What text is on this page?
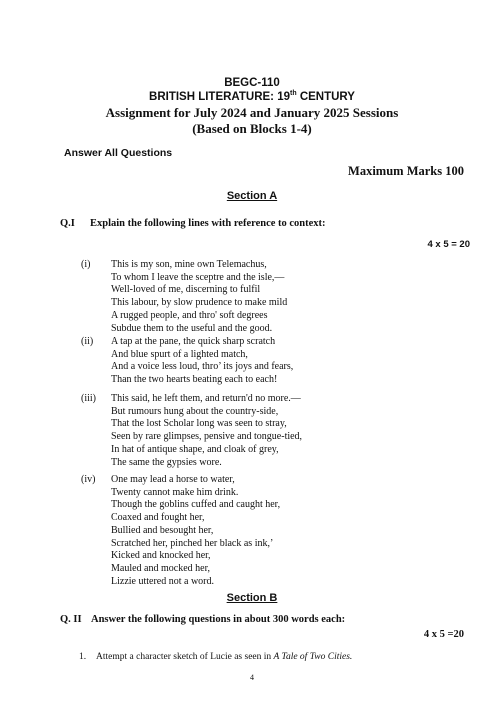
BEGC-110
BRITISH LITERATURE: 19th CENTURY
Assignment for July 2024 and January 2025 Sessions
(Based on Blocks 1-4)
Answer All Questions
Maximum Marks 100
Section A
Q.I Explain the following lines with reference to context:
4 x 5 = 20
(i) This is my son, mine own Telemachus,
To whom I leave the sceptre and the isle,—
Well-loved of me, discerning to fulfil
This labour, by slow prudence to make mild
A rugged people, and thro' soft degrees
Subdue them to the useful and the good.
(ii) A tap at the pane, the quick sharp scratch
And blue spurt of a lighted match,
And a voice less loud, thro’ its joys and fears,
Than the two hearts beating each to each!
(iii) This said, he left them, and return'd no more.—
But rumours hung about the country-side,
That the lost Scholar long was seen to stray,
Seen by rare glimpses, pensive and tongue-tied,
In hat of antique shape, and cloak of grey,
The same the gypsies wore.
(iv) One may lead a horse to water,
Twenty cannot make him drink.
Though the goblins cuffed and caught her,
Coaxed and fought her,
Bullied and besought her,
Scratched her, pinched her black as ink,’
Kicked and knocked her,
Mauled and mocked her,
Lizzie uttered not a word.
Section B
Q. II Answer the following questions in about 300 words each:
4 x 5 =20
1. Attempt a character sketch of Lucie as seen in A Tale of Two Cities.
4
